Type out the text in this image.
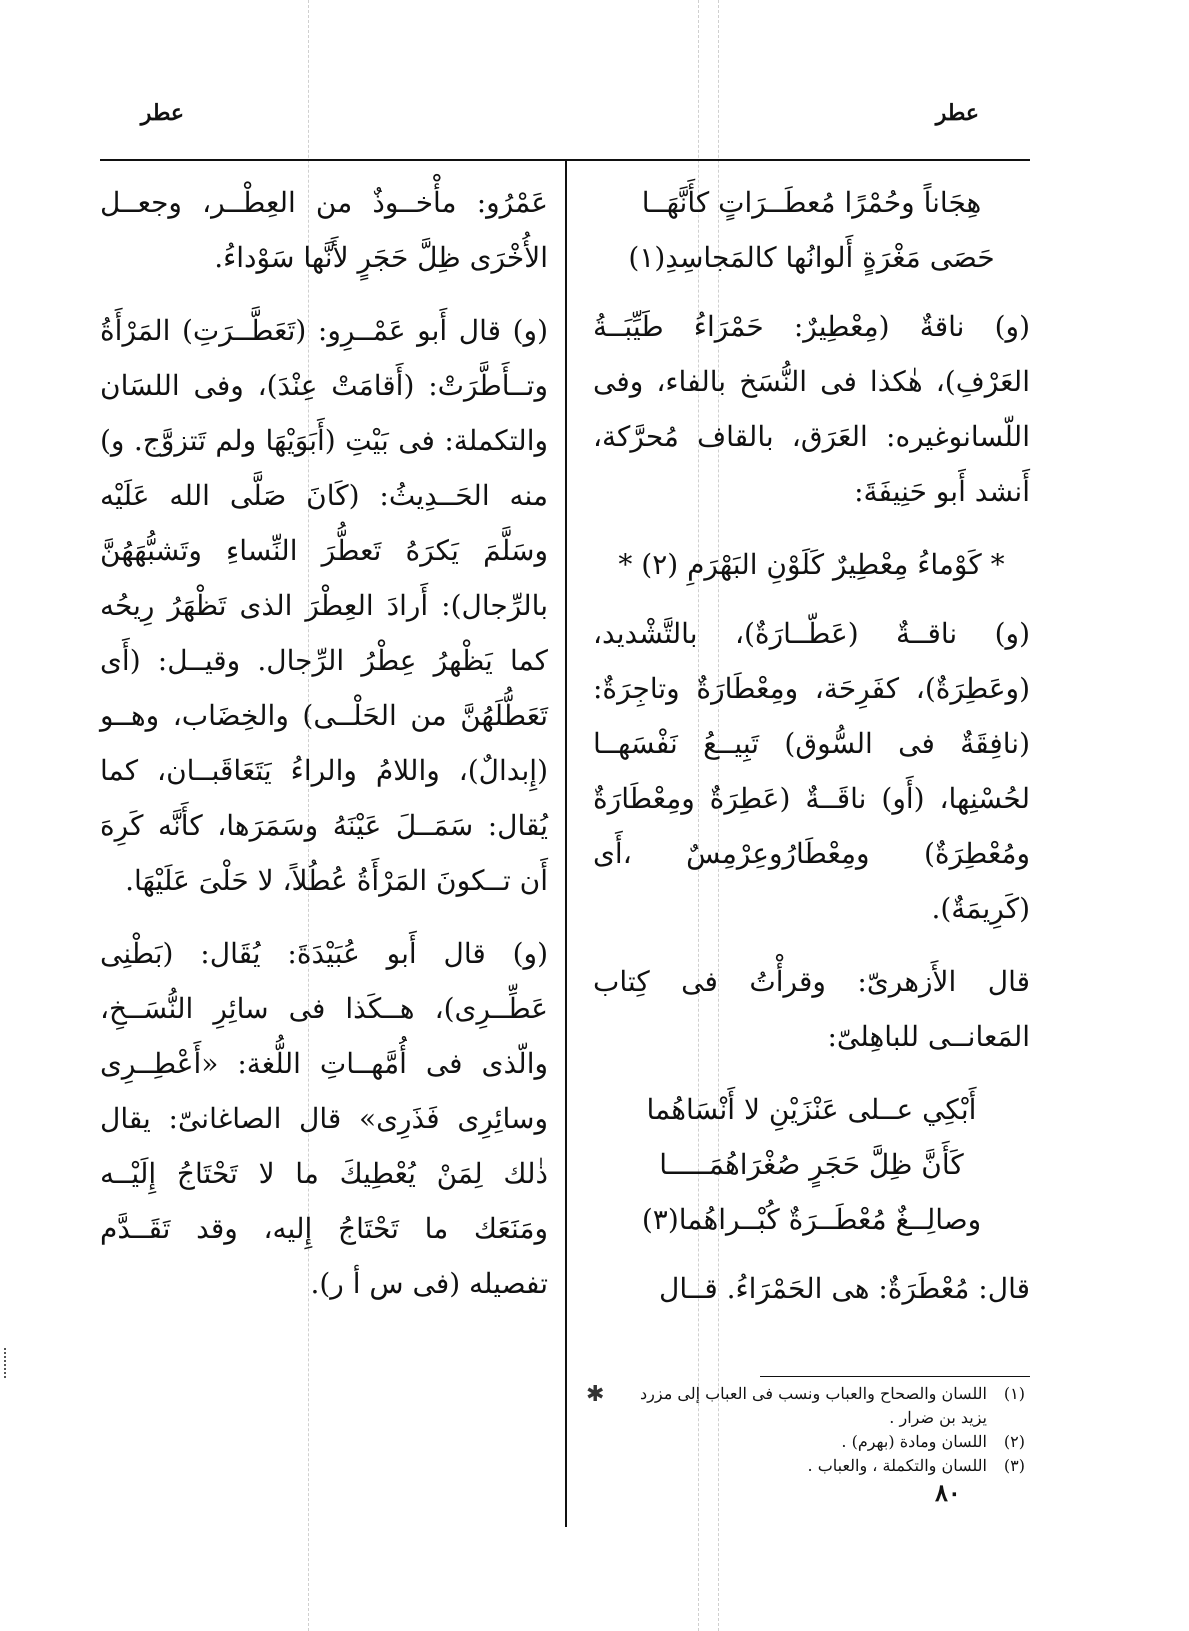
عطر
عطر
هِجَاناً وحُمْرًا مُعطَــرَاتٍ كأَنَّهَــا
حَصَى مَغْرَةٍ أَلوانُها كالمَجاسِدِ(١)

(و) ناقةٌ (مِعْطِيرٌ: حَمْرَاءُ طَيِّبَــةُ العَرْفِ)، هٰكذا فى النُّسَخ بالفاء، وفى اللّسانوغيره: العَرَق، بالقاف مُحرَّكة، أَنشد أَبو حَنِيفَةَ:

* كَوْماءُ مِعْطِيرٌ كَلَوْنِ البَهْرَمِ (٢) *

(و) ناقــةٌ (عَطّــارَةٌ)، بالتَّشْديد، (وعَطِرَةٌ)، كفَرِحَة، ومِعْطَارَةٌ وتاجِرَةٌ: (نافِقَةٌ فى السُّوق) تَبِيــعُ نَفْسَهــا لحُسْنِها، (أَو) ناقَــةٌ (عَطِرَةٌ ومِعْطَارَةٌ ومُعْطِرَةٌ) ومِعْطَارُوعِرْمِسٌ ،أَى (كَرِيمَةٌ).

قال الأَزهرىّ: وقرأْتُ فى كِتاب المَعانــى للباهِلىّ:

أَبْكِي عــلى عَنْزَيْنِ لا أَنْسَاهُما
كَأَنَّ ظِلَّ حَجَرٍ صُغْرَاهُمَـــــا
وصالِــغٌ مُعْطَــرَةٌ كُبْــراهُما(٣)

قال: مُعْطَرَةٌ: هى الحَمْرَاءُ. قــال

عَمْرُو: مأْخــوذٌ من العِطْــر، وجعــل الأُخْرَى ظِلَّ حَجَرٍ لأَنَّها سَوْداءُ.

(و) قال أَبو عَمْــرِو: (تَعَطَّــرَتِ) المَرْأَةُ وتــأَطَّرَتْ: (أَقامَتْ عِنْدَ)، وفى اللسَان والتكملة: فى بَيْتِ (أَبَوَيْهَا ولم تَتزوَّج. و) منه الحَــدِيثُ: (كَانَ صَلَّى الله عَلَيْه وسَلَّمَ يَكرَهُ تَعطُّرَ النِّساءِ وتَشبُّهَهُنَّ بالرِّجال): أَرادَ العِطْرَ الذى تَظْهَرُ رِيحُه كما يَظْهرُ عِطْرُ الرِّجال. وقيــل: (أَى تَعَطُّلَهُنَّ من الحَلْــى) والخِضَاب، وهــو (إِبدالٌ)، واللامُ والراءُ يَتَعَاقَبــان، كما يُقال: سَمَــلَ عَيْنَهُ وسَمَرَها، كأَنَّه كَرِهَ أَن تــكونَ المَرْأَةُ عُطُلاً، لا حَلْىَ عَلَيْهَا.

(و) قال أَبو عُبَيْدَةَ: يُقَال: (بَطْنِى عَطِّــرِى)، هــكَذا فى سائِرِ النُّسَــخِ، والّذى فى أُمَّهــاتِ اللُّغة: «أَعْطِــرِى وسائِرِى فَذَرِى» قال الصاغانىّ: يقال ذٰلك لِمَنْ يُعْطِيكَ ما لا تَحْتَاجُ إِلَيْــه ومَنَعَك ما تَحْتَاجُ إِليه، وقد تَقَــدَّم تفصيله (فى س أ ر).

✱	(١)
اللسان والصحاح والعباب ونسب فى العباب إلى مزرد
يزيد بن ضرار .
(٢)
اللسان ومادة (بهرم) .
(٣)
اللسان والتكملة ، والعباب .
٨٠
